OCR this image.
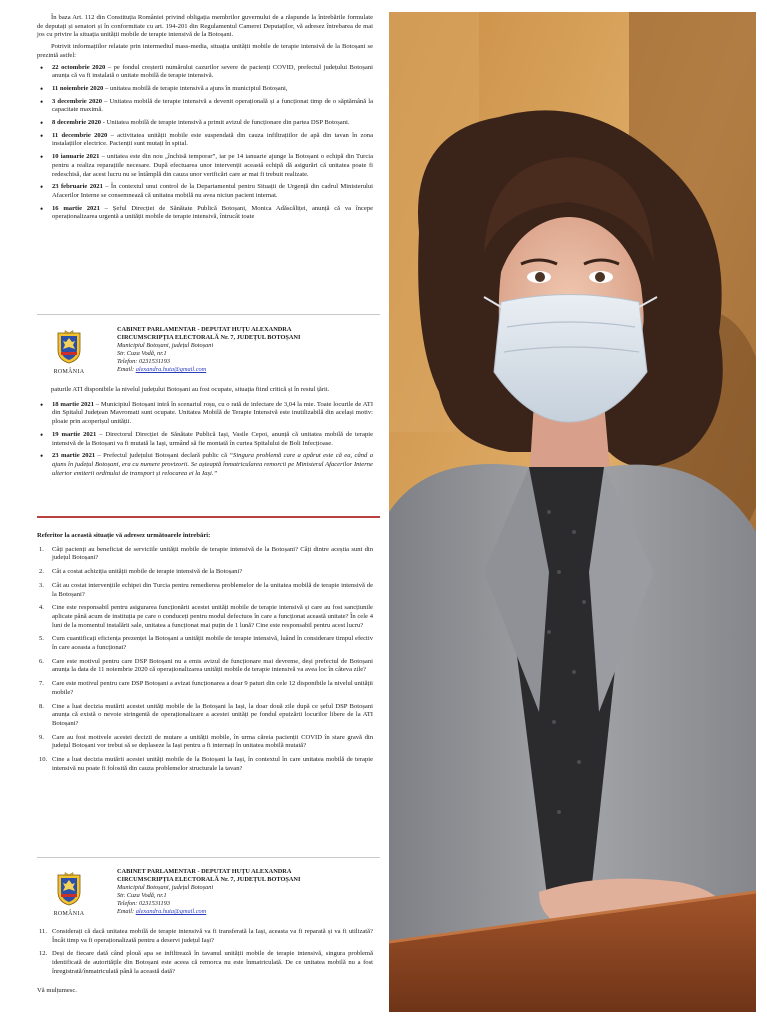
În baza Art. 112 din Constituția României privind obligația membrilor guvernului de a răspunde la întrebările formulate de deputați și senatori și în conformitate cu art. 194-201 din Regulamentul Camerei Deputaților, vă adresez întrebarea de mai jos cu privire la situația unității mobile de terapie intensivă de la Botoșani.

Potrivit informațiilor relatate prin intermediul mass-media, situația unității mobile de terapie intensivă de la Botoșani se prezintă astfel:

• 22 octombrie 2020 – pe fondul creșterii numărului cazurilor severe de pacienți COVID, prefectul județului Botoșani anunța că va fi instalată o unitate mobilă de terapie intensivă.
• 11 noiembrie 2020 – unitatea mobilă de terapie intensivă a ajuns în municipiul Botoșani,
• 3 decembrie 2020 – Unitatea mobilă de terapie intensivă a devenit operațională și a funcționat timp de o săptămână la capacitate maximă.
• 8 decembrie 2020 - Unitatea mobilă de terapie intensivă a primit avizul de funcționare din partea DSP Botoșani.
• 11 decembrie 2020 – activitatea unității mobile este suspendată din cauza infiltrațiilor de apă din tavan în zona instalațiilor electrice. Pacienții sunt mutați în spital.
• 10 ianuarie 2021 – unitatea este din nou „închisă temporar”, iar pe 14 ianuarie ajunge la Botoșani o echipă din Turcia pentru a realiza reparațiile necesare. După efectuarea unor intervenții aceastâ echipă dă asigurări că unitatea poate fi redeschisă, dar acest lucru nu se întâmplă din cauza unor verificări care ar mai fi trebuit realizate.
• 23 februarie 2021 – În contextul unui control de la Departamentul pentru Situații de Urgență din cadrul Ministerului Afacerilor Interne se consemnează că unitatea mobilă nu avea niciun pacient internat.
• 16 martie 2021 – Șeful Direcției de Sănătate Publică Botoșani, Monica Adăscăliței, anunță că va începe operaționalizarea urgentă a unității mobile de terapie intensivă, întrucât toate
ROMÂNIA
CABINET PARLAMENTAR - DEPUTAT HUȚU ALEXANDRA
CIRCUMSCRIPȚIA ELECTORALĂ Nr. 7, JUDEȚUL BOTOȘANI
Municipiul Botoșani, județul Botoșani
Str. Cuza Vodă, nr.1
Telefon: 0231531193
Email: alexandra.huta@gmail.com

paturile ATI disponibile la nivelul județului Botoșani au fost ocupate, situația fiind critică și în restul țării.

• 18 martie 2021 – Municipiul Botoșani intră în scenariul roșu, cu o rată de infectare de 3,04 la mie. Toate locurile de ATI din Spitalul Județean Mavromati sunt ocupate. Unitatea Mobilă de Terapie Intensivă este inutilizabilă din același motiv: ploaie prin acoperișul unității.
• 19 martie 2021 – Directorul Direcției de Sănătate Publică Iași, Vasile Cepoi, anunță că unitatea mobilă de terapie intensivă de la Botoșani va fi mutată la Iași, urmând să fie montată în curtea Spitalului de Boli Infecțioase.
• 23 martie 2021 – Prefectul județului Botoșani declară public că “Singura problemă care a apărut este că ea, când a ajuns în județul Botoșani, era cu numere provizorii. Se așteaptă înmatricularea remorcii pe Ministerul Afacerilor Interne ulterior emiterii ordinului de transport și relocarea ei la Iași.”

Referitor la această situație vă adresez următoarele întrebări:

1. Câți pacienți au beneficiat de serviciile unității mobile de terapie intensivă de la Botoșani? Câți dintre aceștia sunt din județul Botoșani?
2. Cât a costat achiziția unității mobile de terapie intensivă de la Botoșani?
3. Cât au costat intervențiile echipei din Turcia pentru remedierea problemelor de la unitatea mobilă de terapie intensivă de la Botoșani?
4. Cine este responsabil pentru asigurarea funcționării acestei unități mobile de terapie intensivă și care au fost sancțiunile aplicate până acum de instituția pe care o conduceți pentru modul defectuos în care a funcționat această unitate? În cele 4 luni de la momentul instalării sale, unitatea a funcționat mai puțin de 1 lună? Cine este responsabil pentru acest lucru?
5. Cum cuantificați eficiența prezenței la Botoșani a unității mobile de terapie intensivă, luând în considerare timpul efectiv în care aceasta a funcționat?
6. Care este motivul pentru care DSP Botoșani nu a emis avizul de funcționare mai devreme, deși prefectul de Botoșani anunța la data de 11 noiembrie 2020 că operaționalizarea unității mobile de terapie intensivă va avea loc în câteva zile?
7. Care este motivul pentru care DSP Botoșani a avizat funcționarea a doar 9 paturi din cele 12 disponibile la nivelul unității mobile?
8. Cine a luat decizia mutării acestei unități mobile de la Botoșani la Iași, la doar două zile după ce șeful DSP Botoșani anunța că există o nevoie stringentă de operaționalizare a acestei unități pe fondul epuizării locurilor libere de la ATI Botoșani?
9. Care au fost motivele acestei decizii de mutare a unității mobile, în urma căreia pacienții COVID în stare gravă din județul Botoșani vor trebui să se deplaseze la Iași pentru a fi internați în unitatea mobilă mutată?
10. Cine a luat decizia mutării acestei unități mobile de la Botoșani la Iași, în contextul în care unitatea mobilă de terapie intensivă nu poate fi folosită din cauza problemelor structurale la tavan?
ROMÂNIA
CABINET PARLAMENTAR - DEPUTAT HUȚU ALEXANDRA
CIRCUMSCRIPȚIA ELECTORALĂ Nr. 7, JUDEȚUL BOTOȘANI
Municipiul Botoșani, județul Botoșani
Str. Cuza Vodă, nr.1
Telefon: 0231531193
Email: alexandra.huta@gmail.com
11. Considerați că dacă unitatea mobilă de terapie intensivă va fi transferată la Iași, aceasta va fi reparată și va fi utilizată? Încât timp va fi operaționalizată pentru a deservi județul Iași?
12. Deși de fiecare dată când plouă apa se infiltrează în tavanul unității mobile de terapie intensivă, singura problemă identificată de autoritățile din Botoșani este aceea că remorca nu este înmatriculată. De ce unitatea mobilă nu a fost înregistrată/înmatriculată până la această dată?

Vă mulțumesc.
